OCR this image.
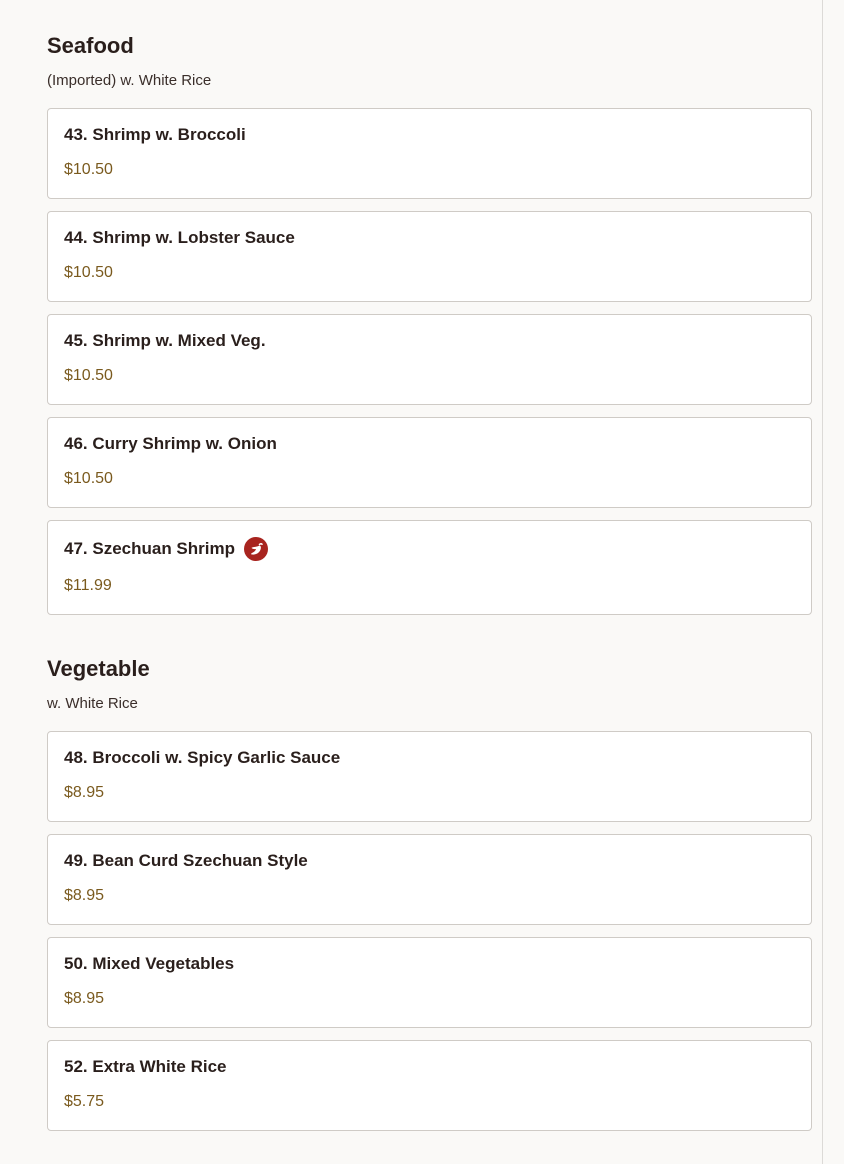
Seafood
(Imported) w. White Rice
43. Shrimp w. Broccoli
$10.50
44. Shrimp w. Lobster Sauce
$10.50
45. Shrimp w. Mixed Veg.
$10.50
46. Curry Shrimp w. Onion
$10.50
47. Szechuan Shrimp
$11.99
Vegetable
w. White Rice
48. Broccoli w. Spicy Garlic Sauce
$8.95
49. Bean Curd Szechuan Style
$8.95
50. Mixed Vegetables
$8.95
52. Extra White Rice
$5.75
